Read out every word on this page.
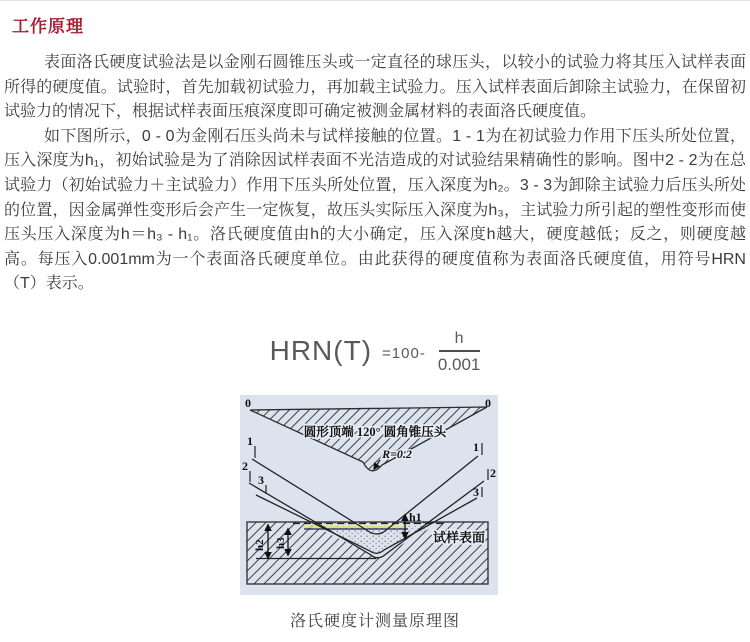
工作原理

表面洛氏硬度试验法是以金刚石圆锥压头或一定直径的球压头，以较小的试验力将其压入试样表面所得的硬度值。试验时，首先加载初试验力，再加载主试验力。压入试样表面后卸除主试验力，在保留初试验力的情况下，根据试样表面压痕深度即可确定被测金属材料的表面洛氏硬度值。

如下图所示，0 - 0为金刚石压头尚未与试样接触的位置。1 - 1为在初试验力作用下压头所处位置，压入深度为h₁，初始试验是为了消除因试样表面不光洁造成的对试验结果精确性的影响。图中2 - 2为在总试验力（初始试验力＋主试验力）作用下压头所处位置，压入深度为h₂。3 - 3为卸除主试验力后压头所处的位置，因金属弹性变形后会产生一定恢复，故压头实际压入深度为h₃，主试验力所引起的塑性变形而使压头压入深度为h＝h₃ - h₁。洛氏硬度值由h的大小确定，压入深度h越大，硬度越低；反之，则硬度越高。每压入0.001mm为一个表面洛氏硬度单位。由此获得的硬度值称为表面洛氏硬度值，用符号HRN（T）表示。

$HRN(T) =100- \frac{h}{0.001}$
0
1
2
3
0
1
2
3
圆形顶端 120° 圆角锥压头
R=0.2
h1
h2 h3	试样表面
洛氏硬度计测量原理图
